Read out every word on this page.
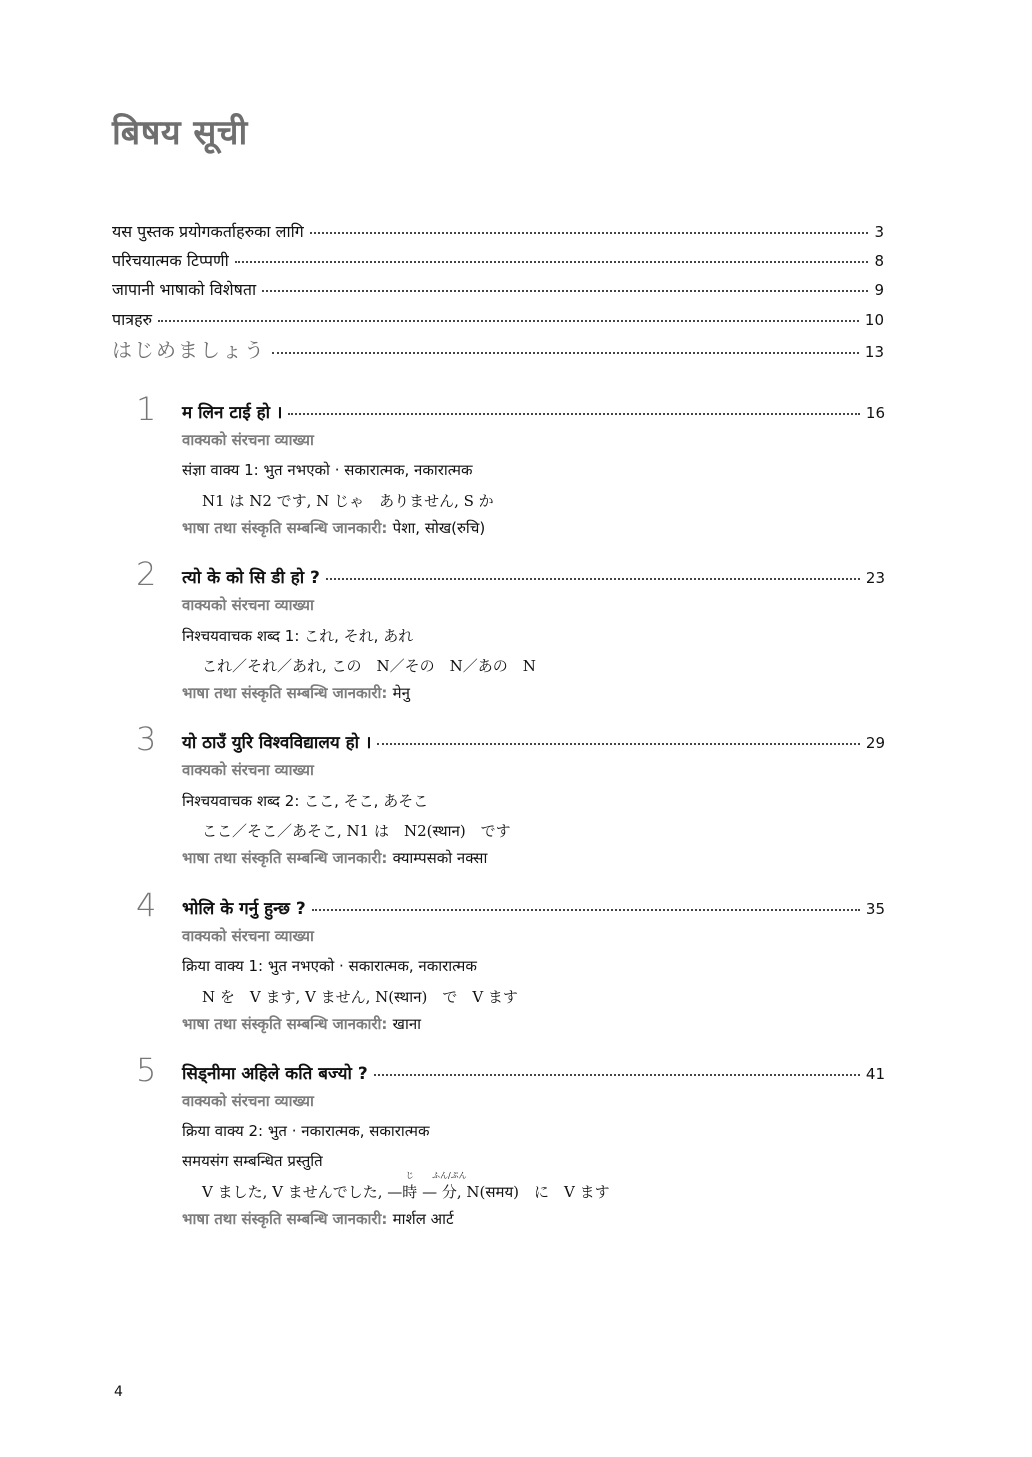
बिषय सूची
यस पुस्तक प्रयोगकर्ताहरुका लागि	3
परिचयात्मक टिप्पणी	8
जापानी भाषाको विशेषता	9
पात्रहरु	10
はじめましょう	13
1 म लिन टाई हो ।	16
वाक्यको संरचना व्याख्या
संज्ञा वाक्य 1: भुत नभएको · सकारात्मक, नकारात्मक
N1 は N2 です, N じゃ　ありません, S か
भाषा तथा संस्कृति सम्बन्धि जानकारी: पेशा, सोख(रुचि)
2 त्यो के को सि डी हो ?	23
वाक्यको संरचना व्याख्या
निश्चयवाचक शब्द 1: これ, それ, あれ
これ／それ／あれ, この　N／その　N／あの　N
भाषा तथा संस्कृति सम्बन्धि जानकारी: मेनु
3 यो ठाउँ युरि विश्वविद्यालय हो ।	29
वाक्यको संरचना व्याख्या
निश्चयवाचक शब्द 2: ここ, そこ, あそこ
ここ／そこ／あそこ, N1 は　N2(स्थान)　です
भाषा तथा संस्कृति सम्बन्धि जानकारी: क्याम्पसको नक्सा
4 भोलि के गर्नु हुन्छ ?	35
वाक्यको संरचना व्याख्या
क्रिया वाक्य 1: भुत नभएको · सकारात्मक, नकारात्मक
N を　V ます, V ません, N(स्थान)　で　V ます
भाषा तथा संस्कृति सम्बन्धि जानकारी: खाना
5 सिड्नीमा अहिले कति बज्यो ?	41
वाक्यको संरचना व्याख्या
क्रिया वाक्य 2: भुत · नकारात्मक, सकारात्मक
समयसंग सम्बन्धित प्रस्तुति
V ました, V ませんでした, —
じ
時 —
ふん/ぷん
分, N(समय)　に　V ます
भाषा तथा संस्कृति सम्बन्धि जानकारी: मार्शल आर्ट
4
